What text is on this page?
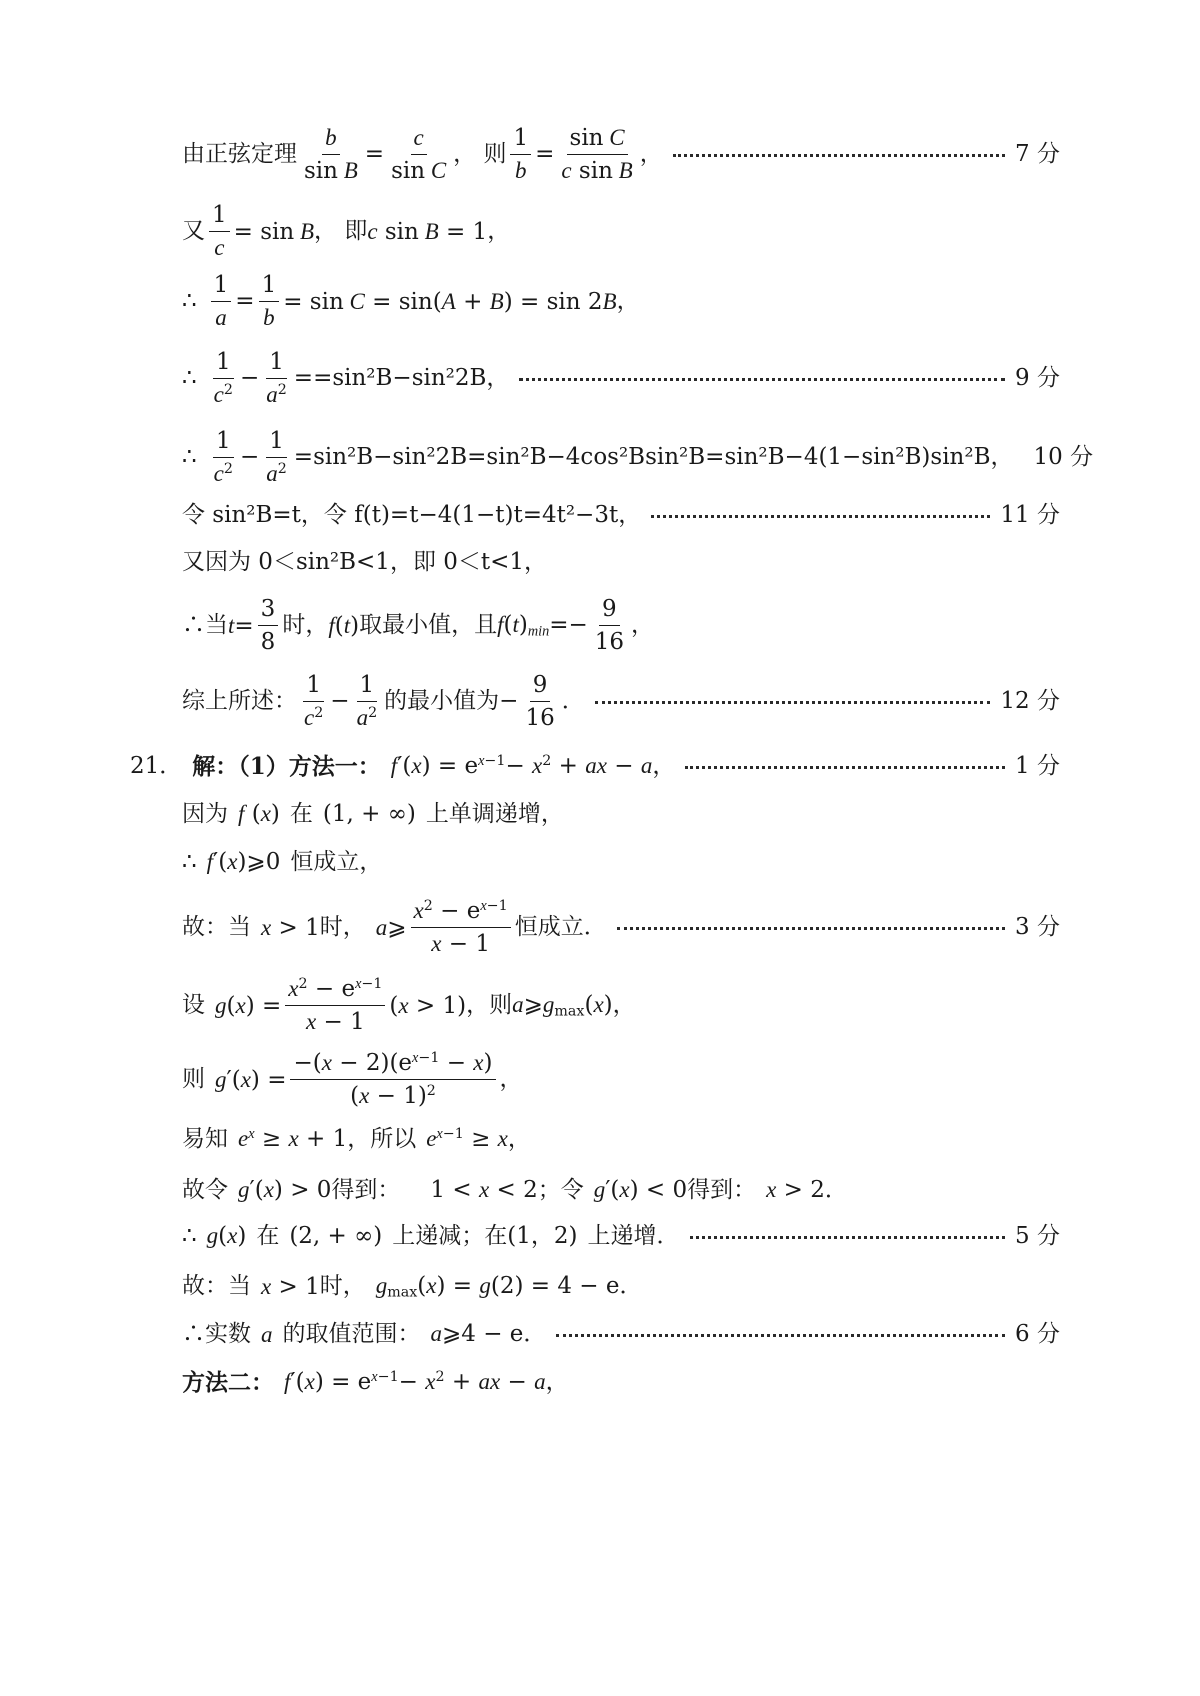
由正弦定理 $\frac{b}{\text{sin B}} = \frac{c}{\text{sin C}}$ ， 则 $\frac{1}{b} = \frac{\text{sin C}}{\text{c sin B}}$ ，	7 分
又 $\frac{1}{c} = \sin B$ ， 即 c sin B = 1 ，
∴ $\frac{1}{a} = \frac{1}{b} = \sin C = \sin(A + B) = \sin 2B$ ，
∴ $\frac{1}{c^2} - \frac{1}{a^2} ==\sin^2B-\sin^22B$，	9 分
∴ $\frac{1}{c^2} - \frac{1}{a^2} =\sin^2B-\sin^22B=\sin^2B-4\cos^2Bsin^2B=\sin^2B-4(1-\sin^2B)\sin^2B$， 10 分
令 sin²B=t，令 f(t)=t−4(1−t)t=4t²−3t，	11 分
又因为 0＜sin²B<1，即 0＜t<1，
∴当 $t= \frac{3}{8}$ 时， f(t) 取最小值，且 $f(t)_{min}=- \frac{9}{16}$ ，
综上所述： $\frac{1}{c^2} - \frac{1}{a^2}$ 的最小值为 − $\frac{9}{16}$ ．	12 分
21． 解：（1）方法一： $f'(x) = e^{x-1}- x^2$ + ax − a ，	1 分
因为 f (x) 在 (1, + ∞) 上单调递增，
∴ f′(x)⩾0 恒成立，
故：当 x > 1 时， a⩾ $\frac{x^2 - e^{x-1}}{x - 1}$ 恒成立．	3 分
设 $g(x) = \frac{x^2 - e^{x-1}}{x - 1} (x > 1)$ ，则 $a⩾g_{max}(x)$ ，
则 $g'(x) = \frac{-(x - 2)(e^{x-1} - x)}{(x - 1)^2}$ ，
易知 $e^x \ge x + 1$ ，所以 $e^{x-1} \ge x$ ，
故令 g′(x) > 0 得到： 1 < x < 2 ；令 g′(x) < 0 得到： x > 2 ．
∴ g(x) 在 (2, + ∞) 上递减；在 (1，2) 上递增．	5 分
故：当 x > 1 时， $g_{max}(x) = g(2) = 4 - e$ ．
∴实数 a 的取值范围： a⩾4 − e ．	6 分
方法二： $f'(x) = e^{x-1}- x^2$ + ax − a ，
